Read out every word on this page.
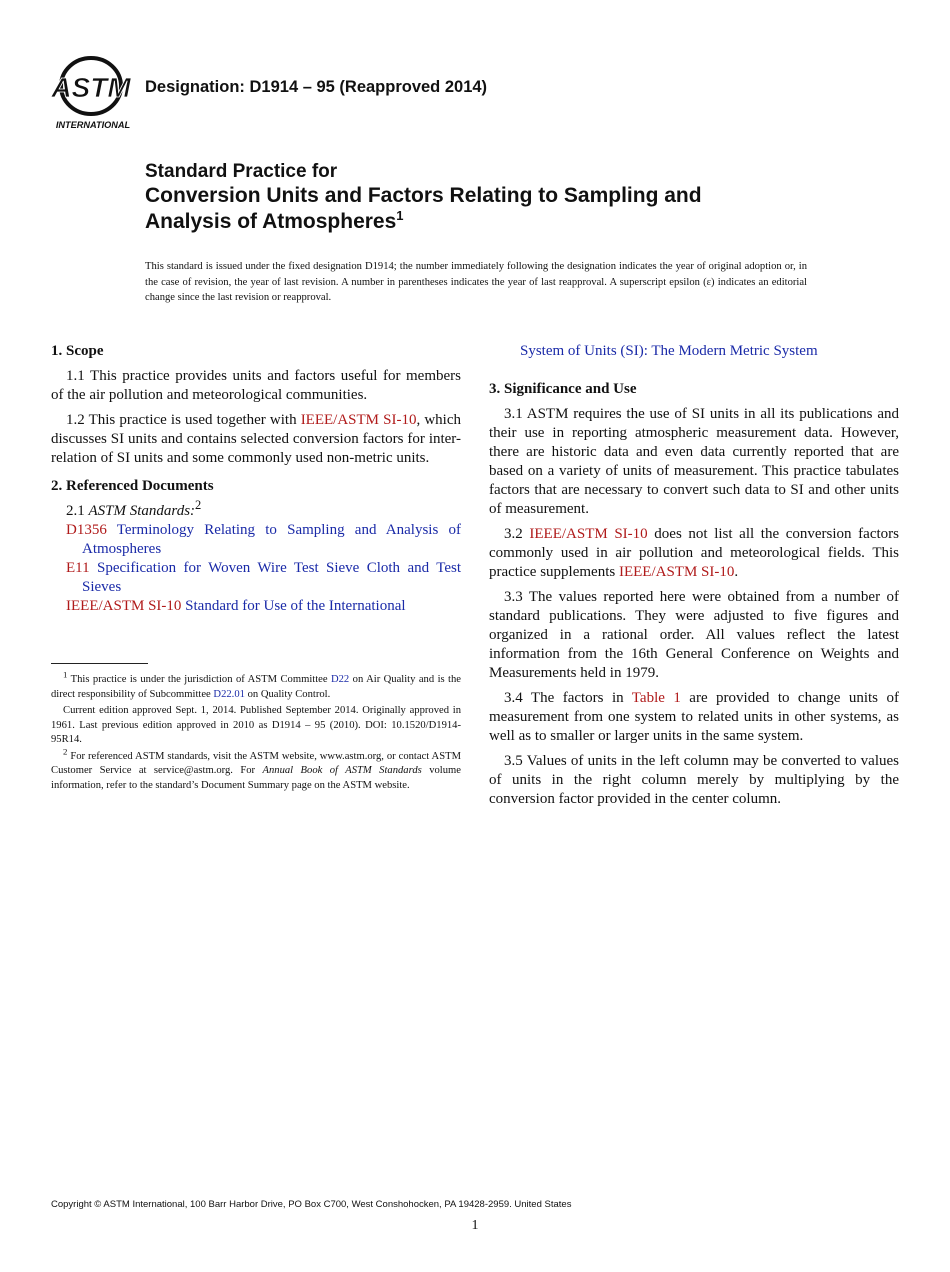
ASTM
INTERNATIONAL
Designation: D1914 – 95 (Reapproved 2014)
Standard Practice for
Conversion Units and Factors Relating to Sampling and
Analysis of Atmospheres$^1$
This standard is issued under the fixed designation D1914; the number immediately following the designation indicates the year of original adoption or, in the case of revision, the year of last revision. A number in parentheses indicates the year of last reapproval. A superscript epsilon (ε) indicates an editorial change since the last revision or reapproval.
1. Scope

1.1 This practice provides units and factors useful for members of the air pollution and meteorological communities.

1.2 This practice is used together with IEEE/ASTM SI-10, which discusses SI units and contains selected conversion factors for inter-relation of SI units and some commonly used non-metric units.

2. Referenced Documents

2.1 ASTM Standards:$^2$

D1356 Terminology Relating to Sampling and Analysis of Atmospheres

E11 Specification for Woven Wire Test Sieve Cloth and Test Sieves

IEEE/ASTM SI-10 Standard for Use of the International

$^1$ This practice is under the jurisdiction of ASTM Committee D22 on Air Quality and is the direct responsibility of Subcommittee D22.01 on Quality Control.

Current edition approved Sept. 1, 2014. Published September 2014. Originally approved in 1961. Last previous edition approved in 2010 as D1914 – 95 (2010). DOI: 10.1520/D1914-95R14.

$^2$ For referenced ASTM standards, visit the ASTM website, www.astm.org, or contact ASTM Customer Service at service@astm.org. For Annual Book of ASTM Standards volume information, refer to the standard’s Document Summary page on the ASTM website.

System of Units (SI): The Modern Metric System
3. Significance and Use

3.1 ASTM requires the use of SI units in all its publications and their use in reporting atmospheric measurement data. However, there are historic data and even data currently reported that are based on a variety of units of measurement. This practice tabulates factors that are necessary to convert such data to SI and other units of measurement.

3.2 IEEE/ASTM SI-10 does not list all the conversion factors commonly used in air pollution and meteorological fields. This practice supplements IEEE/ASTM SI-10.

3.3 The values reported here were obtained from a number of standard publications. They were adjusted to five figures and organized in a rational order. All values reflect the latest information from the 16th General Conference on Weights and Measurements held in 1979.

3.4 The factors in Table 1 are provided to change units of measurement from one system to related units in other systems, as well as to smaller or larger units in the same system.

3.5 Values of units in the left column may be converted to values of units in the right column merely by multiplying by the conversion factor provided in the center column.

Copyright © ASTM International, 100 Barr Harbor Drive, PO Box C700, West Conshohocken, PA 19428-2959. United States
1
